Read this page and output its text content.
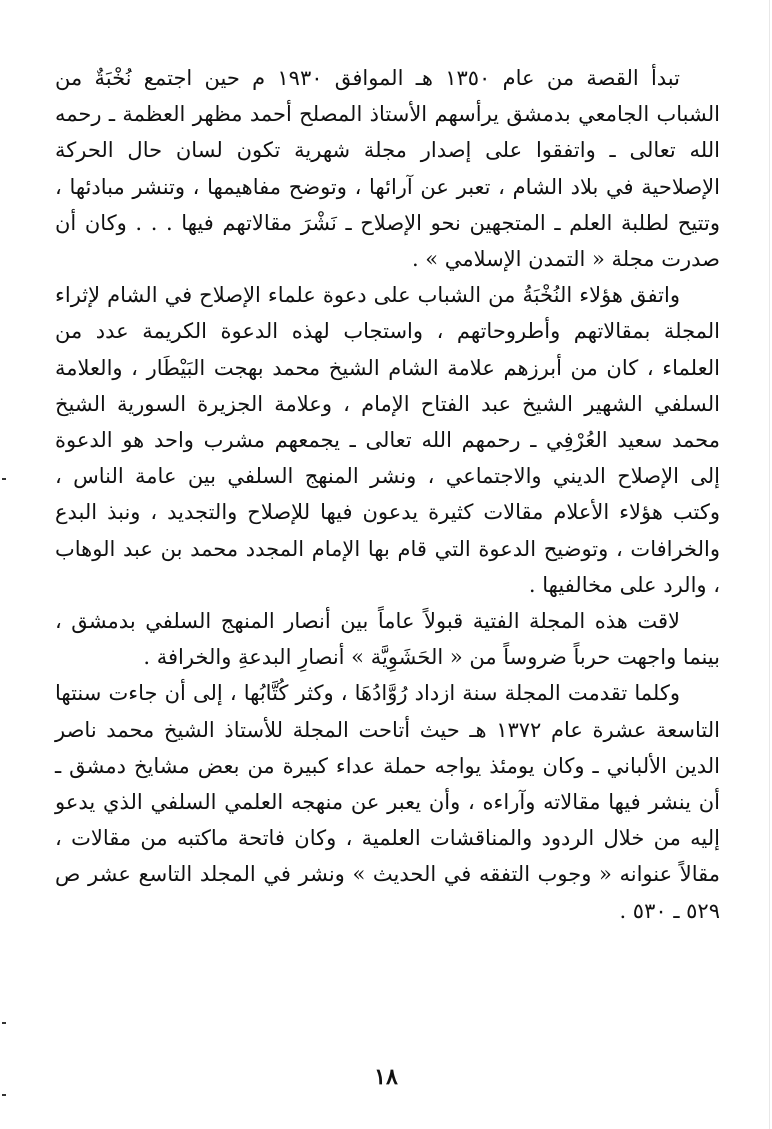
تبدأ القصة من عام ١٣٥٠ هـ الموافق ١٩٣٠ م حين اجتمع نُخْبَةٌ من الشباب الجامعي بدمشق يرأسهم الأستاذ المصلح أحمد مظهر العظمة ـ رحمه الله تعالى ـ واتفقوا على إصدار مجلة شهرية تكون لسان حال الحركة الإصلاحية في بلاد الشام ، تعبر عن آرائها ، وتوضح مفاهيمها ، وتنشر مبادئها ، وتتيح لطلبة العلم ـ المتجهين نحو الإصلاح ـ نَشْرَ مقالاتهم فيها . . . وكان أن صدرت مجلة « التمدن الإسلامي » .

واتفق هؤلاء النُخْبَةُ من الشباب على دعوة علماء الإصلاح في الشام لإثراء المجلة بمقالاتهم وأطروحاتهم ، واستجاب لهذه الدعوة الكريمة عدد من العلماء ، كان من أبرزهم علامة الشام الشيخ محمد بهجت البَيْطَار ، والعلامة السلفي الشهير الشيخ عبد الفتاح الإمام ، وعلامة الجزيرة السورية الشيخ محمد سعيد العُرْفِي ـ رحمهم الله تعالى ـ يجمعهم مشرب واحد هو الدعوة إلى الإصلاح الديني والاجتماعي ، ونشر المنهج السلفي بين عامة الناس ، وكتب هؤلاء الأعلام مقالات كثيرة يدعون فيها للإصلاح والتجديد ، ونبذ البدع والخرافات ، وتوضيح الدعوة التي قام بها الإمام المجدد محمد بن عبد الوهاب ، والرد على مخالفيها .

لاقت هذه المجلة الفتية قبولاً عاماً بين أنصار المنهج السلفي بدمشق ، بينما واجهت حرباً ضروساً من « الحَشَوِيَّة » أنصارِ البدعةِ والخرافة .

وكلما تقدمت المجلة سنة ازداد رُوَّادُهَا ، وكثر كُتَّابُها ، إلى أن جاءت سنتها التاسعة عشرة عام ١٣٧٢ هـ حيث أتاحت المجلة للأستاذ الشيخ محمد ناصر الدين الألباني ـ وكان يومئذ يواجه حملة عداء كبيرة من بعض مشايخ دمشق ـ أن ينشر فيها مقالاته وآراءه ، وأن يعبر عن منهجه العلمي السلفي الذي يدعو إليه من خلال الردود والمناقشات العلمية ، وكان فاتحة ماكتبه من مقالات ، مقالاً عنوانه « وجوب التفقه في الحديث » ونشر في المجلد التاسع عشر ص ٥٢٩ ـ ٥٣٠ .

١٨
